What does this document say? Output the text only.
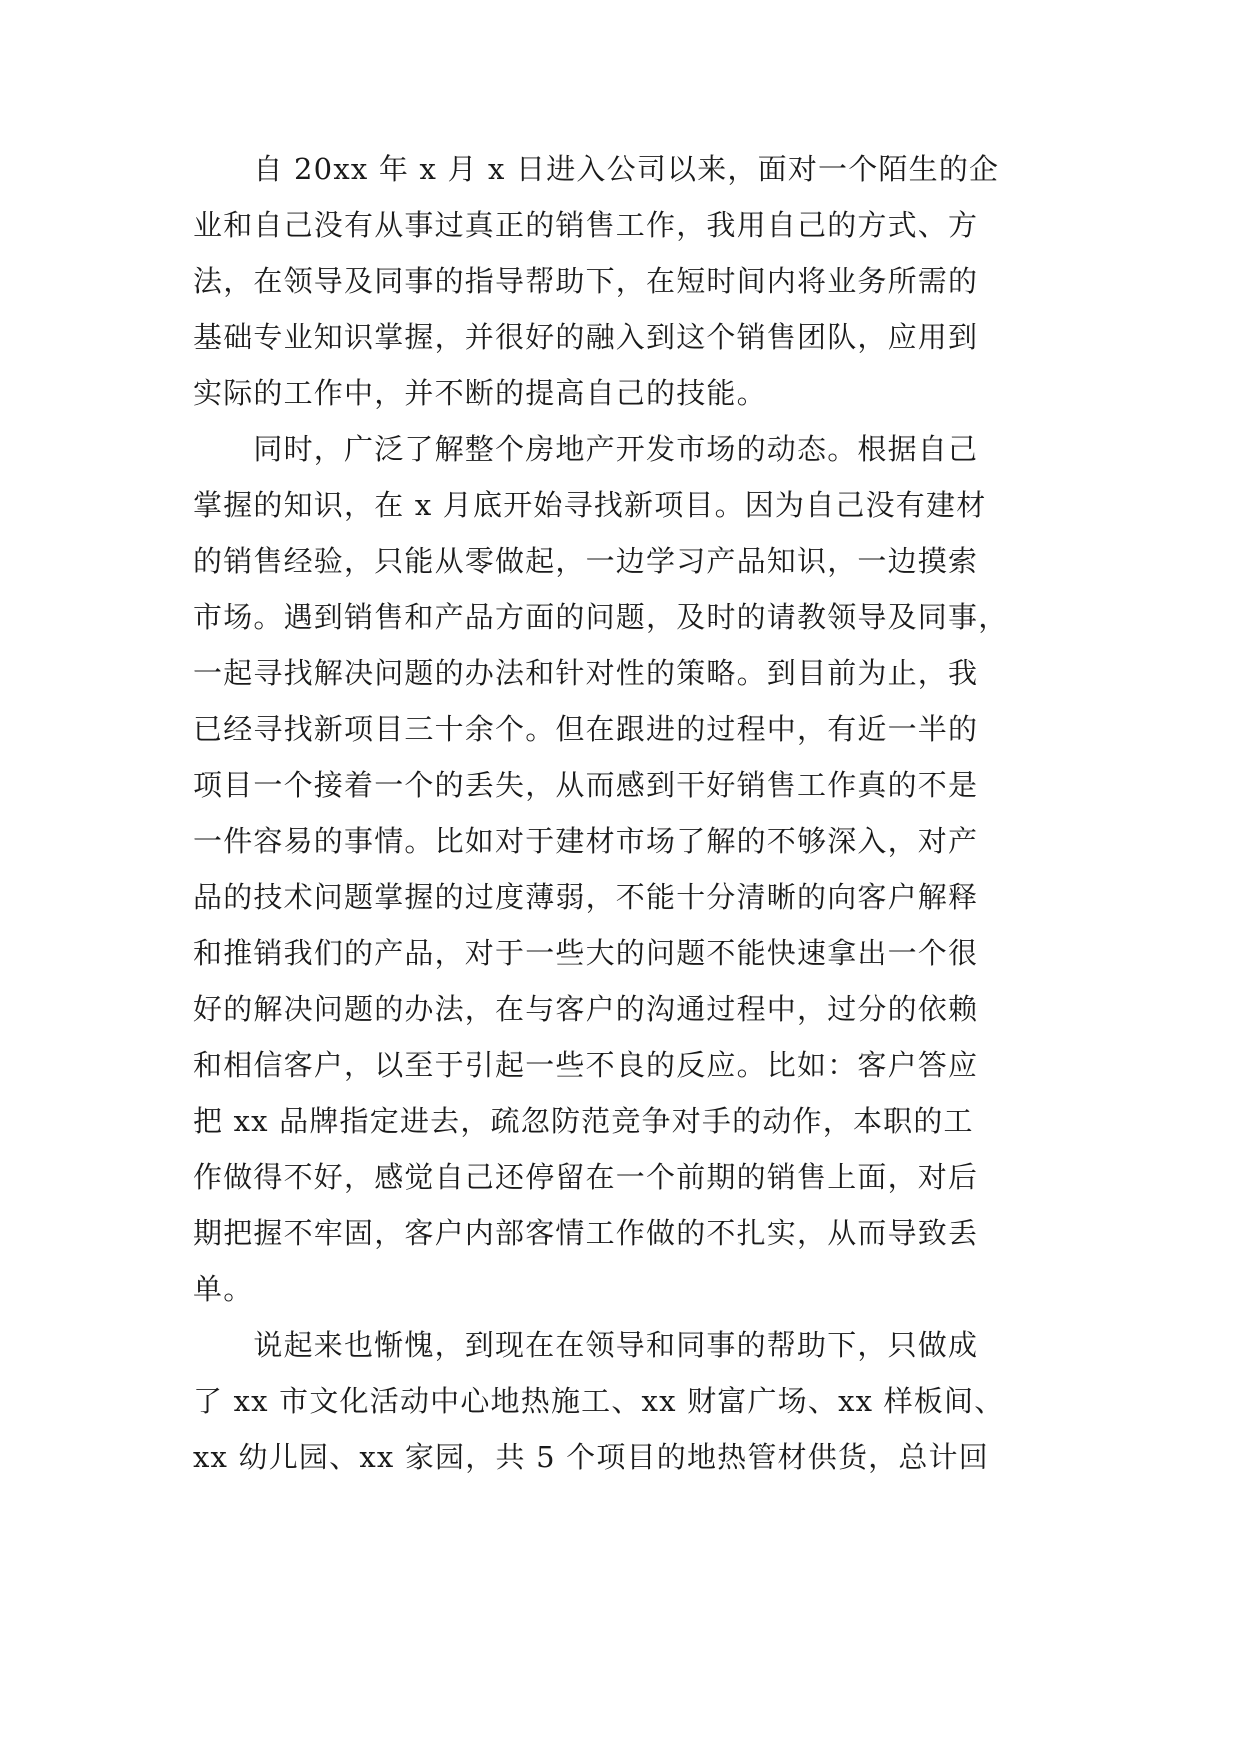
　　自 20xx 年 x 月 x 日进入公司以来，面对一个陌生的企
业和自己没有从事过真正的销售工作，我用自己的方式、方
法，在领导及同事的指导帮助下，在短时间内将业务所需的
基础专业知识掌握，并很好的融入到这个销售团队，应用到
实际的工作中，并不断的提高自己的技能。
　　同时，广泛了解整个房地产开发市场的动态。根据自己
掌握的知识，在 x 月底开始寻找新项目。因为自己没有建材
的销售经验，只能从零做起，一边学习产品知识，一边摸索
市场。遇到销售和产品方面的问题，及时的请教领导及同事，
一起寻找解决问题的办法和针对性的策略。到目前为止，我
已经寻找新项目三十余个。但在跟进的过程中，有近一半的
项目一个接着一个的丢失，从而感到干好销售工作真的不是
一件容易的事情。比如对于建材市场了解的不够深入，对产
品的技术问题掌握的过度薄弱，不能十分清晰的向客户解释
和推销我们的产品，对于一些大的问题不能快速拿出一个很
好的解决问题的办法，在与客户的沟通过程中，过分的依赖
和相信客户，以至于引起一些不良的反应。比如：客户答应
把 xx 品牌指定进去，疏忽防范竞争对手的动作，本职的工
作做得不好，感觉自己还停留在一个前期的销售上面，对后
期把握不牢固，客户内部客情工作做的不扎实，从而导致丢
单。
　　说起来也惭愧，到现在在领导和同事的帮助下，只做成
了 xx 市文化活动中心地热施工、xx 财富广场、xx 样板间、
xx 幼儿园、xx 家园，共 5 个项目的地热管材供货，总计回
